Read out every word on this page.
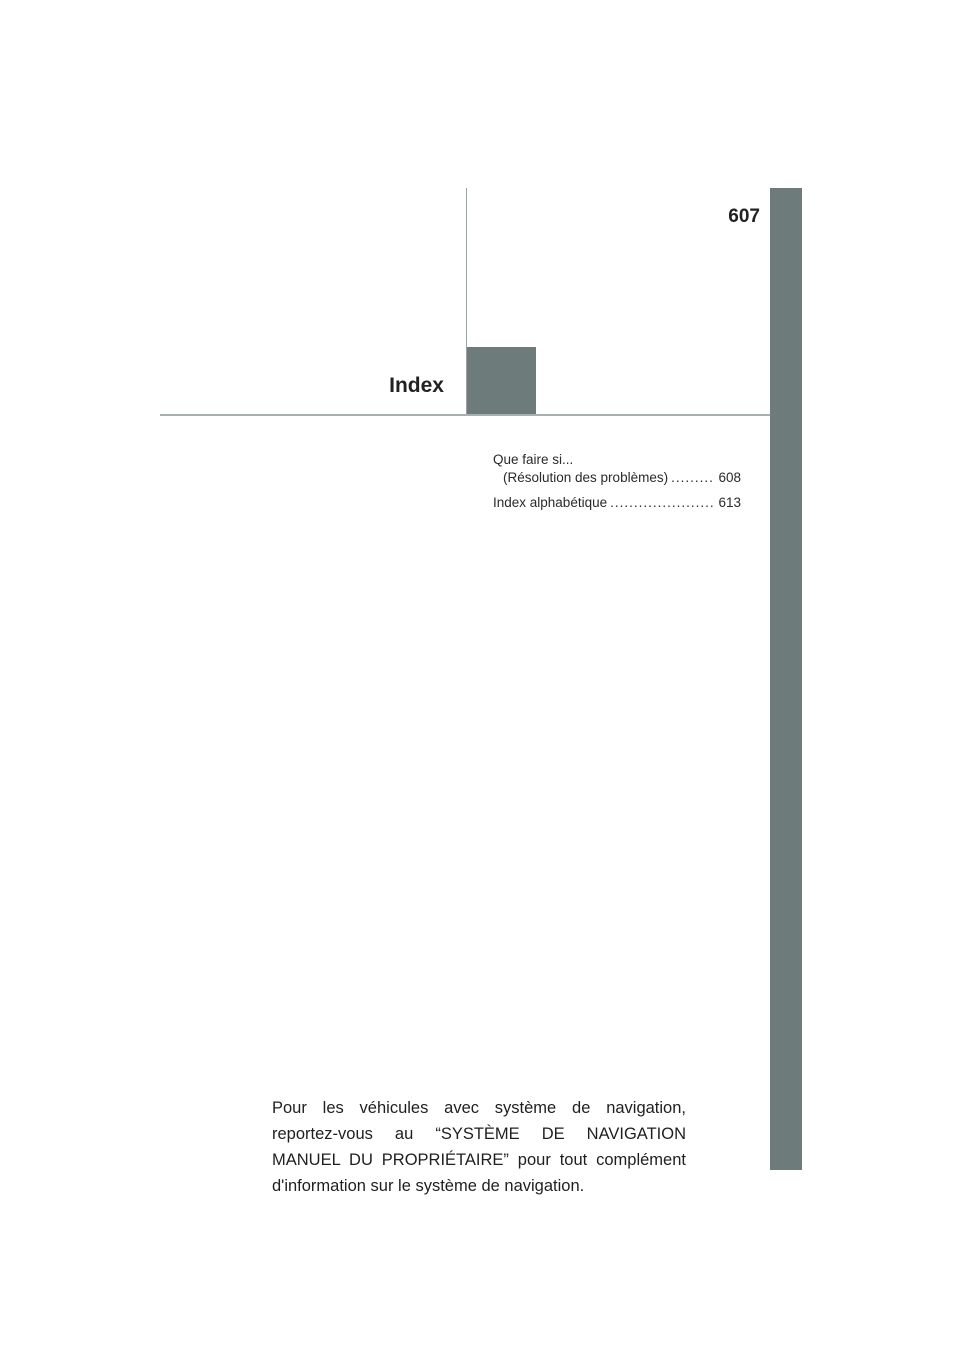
607
Index
Que faire si...
(Résolution des problèmes) .....	608
Index alphabétique .....	613

Pour les véhicules avec système de navigation, reportez-vous au “SYSTÈME DE NAVIGATION MANUEL DU PROPRIÉTAIRE” pour tout complément d'information sur le système de navigation.
